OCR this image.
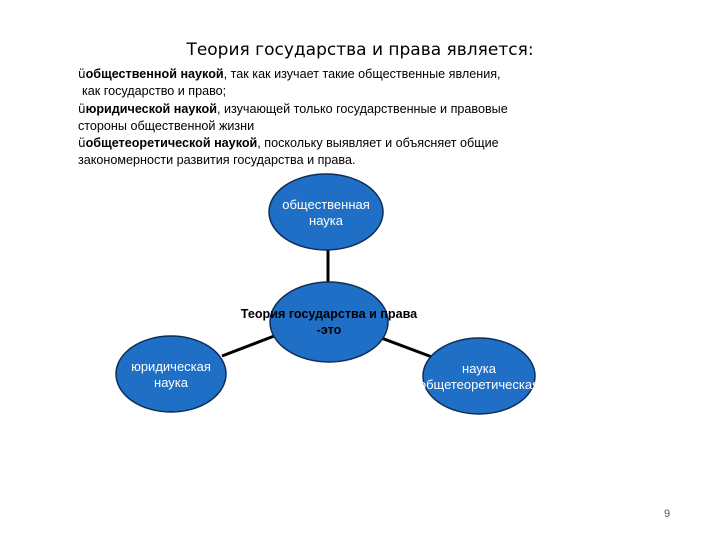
Теория государства и права является:

üобщественной наукой, так как изучает такие общественные явления,
как государство и право;

üюридической наукой, изучающей только государственные и правовые
стороны общественной жизни

üобщетеоретической наукой, поскольку выявляет и объясняет общие
закономерности развития государства и права.

общественная
наука
Теория государства и права
-это
юридическая
наука
наука
общетеоретическая
9
